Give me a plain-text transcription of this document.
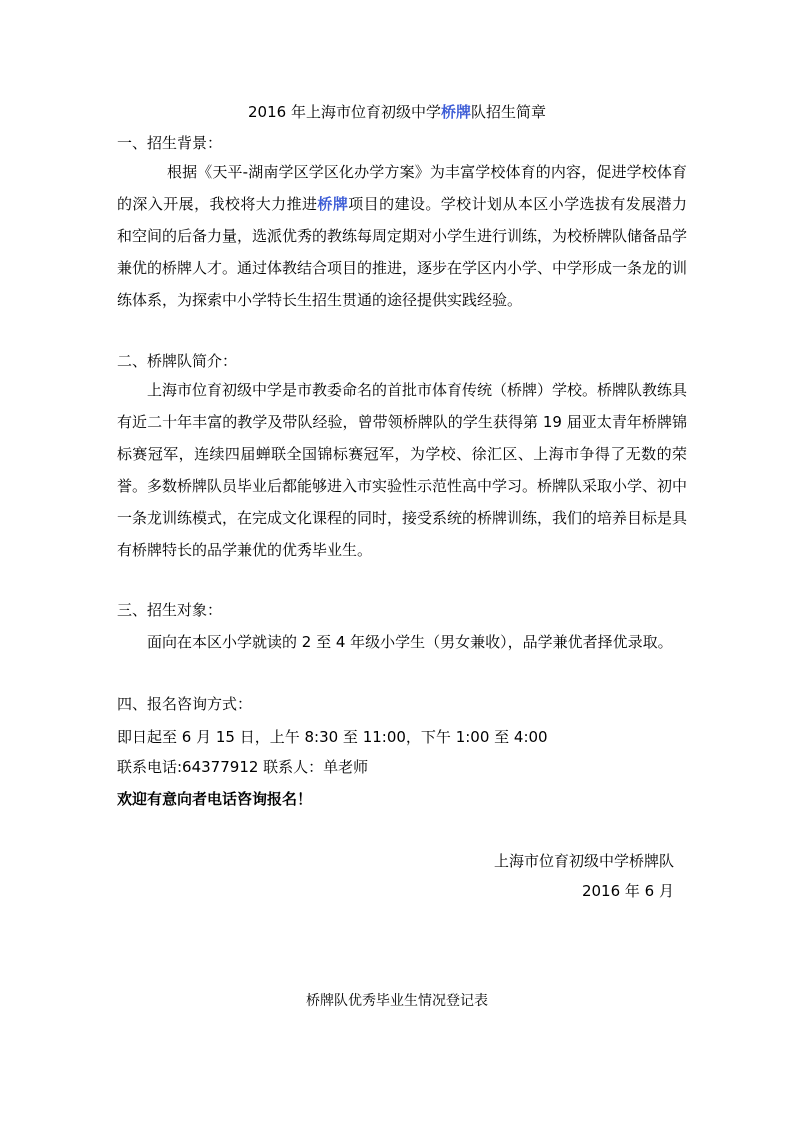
2016 年上海市位育初级中学桥牌队招生简章
一、招生背景：

根据《天平-湖南学区学区化办学方案》为丰富学校体育的内容，促进学校体育的深入开展，我校将大力推进桥牌项目的建设。学校计划从本区小学选拔有发展潜力和空间的后备力量，选派优秀的教练每周定期对小学生进行训练，为校桥牌队储备品学兼优的桥牌人才。通过体教结合项目的推进，逐步在学区内小学、中学形成一条龙的训练体系，为探索中小学特长生招生贯通的途径提供实践经验。

二、桥牌队简介：

上海市位育初级中学是市教委命名的首批市体育传统（桥牌）学校。桥牌队教练具有近二十年丰富的教学及带队经验，曾带领桥牌队的学生获得第 19 届亚太青年桥牌锦标赛冠军，连续四届蝉联全国锦标赛冠军，为学校、徐汇区、上海市争得了无数的荣誉。多数桥牌队员毕业后都能够进入市实验性示范性高中学习。桥牌队采取小学、初中一条龙训练模式，在完成文化课程的同时，接受系统的桥牌训练，我们的培养目标是具有桥牌特长的品学兼优的优秀毕业生。

三、招生对象：

面向在本区小学就读的 2 至 4 年级小学生（男女兼收），品学兼优者择优录取。

四、报名咨询方式：
即日起至 6 月 15 日，上午 8:30 至 11:00，下午 1:00 至 4:00
联系电话:64377912 联系人：单老师
欢迎有意向者电话咨询报名！
上海市位育初级中学桥牌队
2016 年 6 月
桥牌队优秀毕业生情况登记表
